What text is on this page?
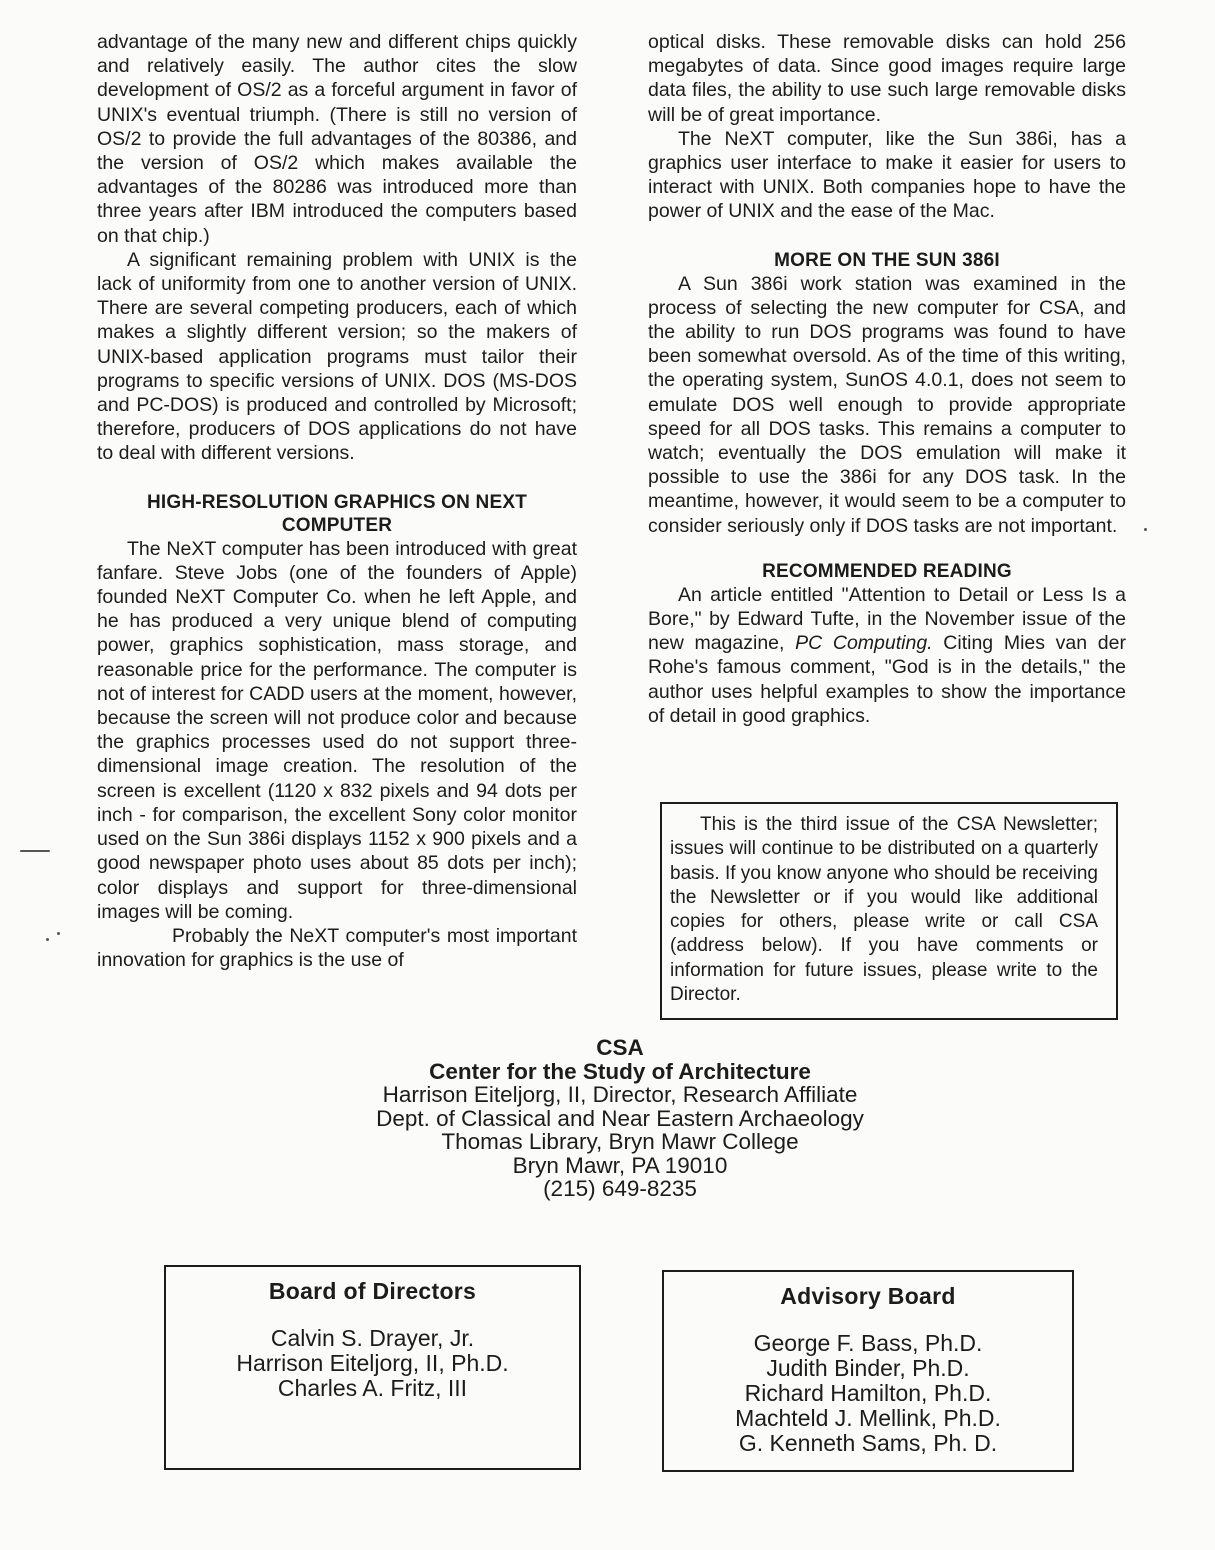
advantage of the many new and different chips quickly and relatively easily. The author cites the slow development of OS/2 as a forceful argument in favor of UNIX's eventual triumph. (There is still no version of OS/2 to provide the full advantages of the 80386, and the version of OS/2 which makes available the advantages of the 80286 was introduced more than three years after IBM introduced the computers based on that chip.)

A significant remaining problem with UNIX is the lack of uniformity from one to another version of UNIX. There are several competing producers, each of which makes a slightly different version; so the makers of UNIX-based application programs must tailor their programs to specific versions of UNIX. DOS (MS-DOS and PC-DOS) is produced and controlled by Microsoft; therefore, producers of DOS applications do not have to deal with different versions.

HIGH-RESOLUTION GRAPHICS ON NEXT COMPUTER

The NeXT computer has been introduced with great fanfare. Steve Jobs (one of the founders of Apple) founded NeXT Computer Co. when he left Apple, and he has produced a very unique blend of computing power, graphics sophistication, mass storage, and reasonable price for the performance. The computer is not of interest for CADD users at the moment, however, because the screen will not produce color and because the graphics processes used do not support three-dimensional image creation. The resolution of the screen is excellent (1120 x 832 pixels and 94 dots per inch - for comparison, the excellent Sony color monitor used on the Sun 386i displays 1152 x 900 pixels and a good newspaper photo uses about 85 dots per inch); color displays and support for three-dimensional images will be coming.

Probably the NeXT computer's most important innovation for graphics is the use of

optical disks. These removable disks can hold 256 megabytes of data. Since good images require large data files, the ability to use such large removable disks will be of great importance.

The NeXT computer, like the Sun 386i, has a graphics user interface to make it easier for users to interact with UNIX. Both companies hope to have the power of UNIX and the ease of the Mac.

MORE ON THE SUN 386I

A Sun 386i work station was examined in the process of selecting the new computer for CSA, and the ability to run DOS programs was found to have been somewhat oversold. As of the time of this writing, the operating system, SunOS 4.0.1, does not seem to emulate DOS well enough to provide appropriate speed for all DOS tasks. This remains a computer to watch; eventually the DOS emulation will make it possible to use the 386i for any DOS task. In the meantime, however, it would seem to be a computer to consider seriously only if DOS tasks are not important.

RECOMMENDED READING

An article entitled "Attention to Detail or Less Is a Bore," by Edward Tufte, in the November issue of the new magazine, PC Computing. Citing Mies van der Rohe's famous comment, "God is in the details," the author uses helpful examples to show the importance of detail in good graphics.

This is the third issue of the CSA Newsletter; issues will continue to be distributed on a quarterly basis. If you know anyone who should be receiving the Newsletter or if you would like additional copies for others, please write or call CSA (address below). If you have comments or information for future issues, please write to the Director.

CSA
Center for the Study of Architecture
Harrison Eiteljorg, II, Director, Research Affiliate
Dept. of Classical and Near Eastern Archaeology
Thomas Library, Bryn Mawr College
Bryn Mawr, PA 19010
(215) 649-8235
Board of Directors
Calvin S. Drayer, Jr.
Harrison Eiteljorg, II, Ph.D.
Charles A. Fritz, III
Advisory Board
George F. Bass, Ph.D.
Judith Binder, Ph.D.
Richard Hamilton, Ph.D.
Machteld J. Mellink, Ph.D.
G. Kenneth Sams, Ph. D.
